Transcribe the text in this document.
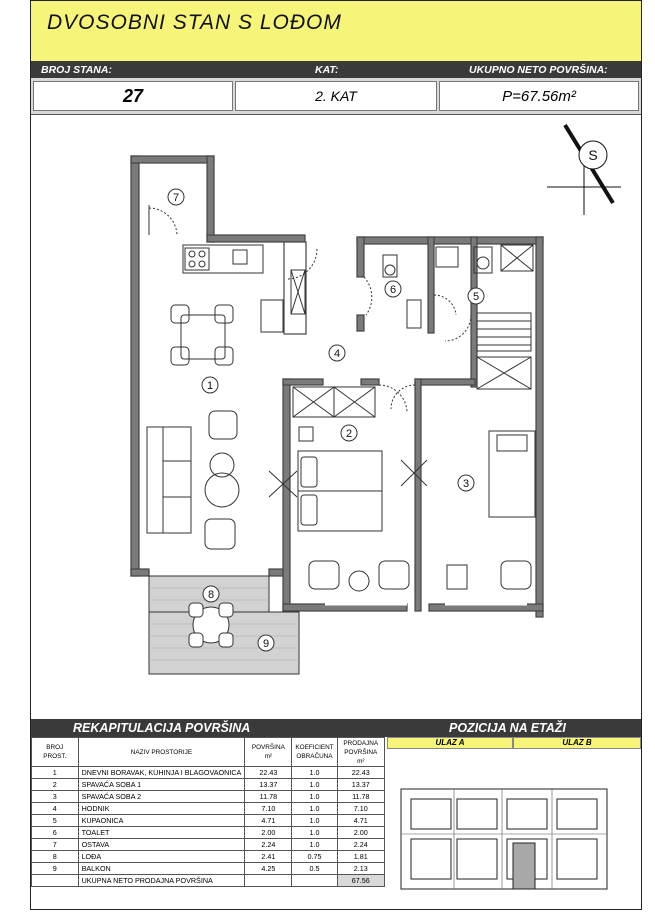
DVOSOBNI STAN S LOĐOM
BROJ STANA:	KAT:	UKUPNO NETO POVRŠINA:
27	2. KAT	P=67.56m²
S
1
2
3
4
5
6
7
8
9
REKAPITULACIJA POVRŠINA	POZICIJA NA ETAŽI
BROJ PROST.	NAZIV PROSTORIJE	POVRŠINA m²	KOEFICIENT OBRAČUNA	PRODAJNA POVRŠINA m²
1	DNEVNI BORAVAK, KUHINJA I BLAGOVAONICA	22.43	1.0	22.43
2	SPAVAĆA SOBA 1	13.37	1.0	13.37
3	SPAVAĆA SOBA 2	11.78	1.0	11.78
4	HODNIK	7.10	1.0	7.10
5	KUPAONICA	4.71	1.0	4.71
6	TOALET	2.00	1.0	2.00
7	OSTAVA	2.24	1.0	2.24
8	LOĐA	2.41	0.75	1.81
9	BALKON	4.25	0.5	2.13
	UKUPNA NETO PRODAJNA POVRŠINA			67.56
ULAZ A	ULAZ B
